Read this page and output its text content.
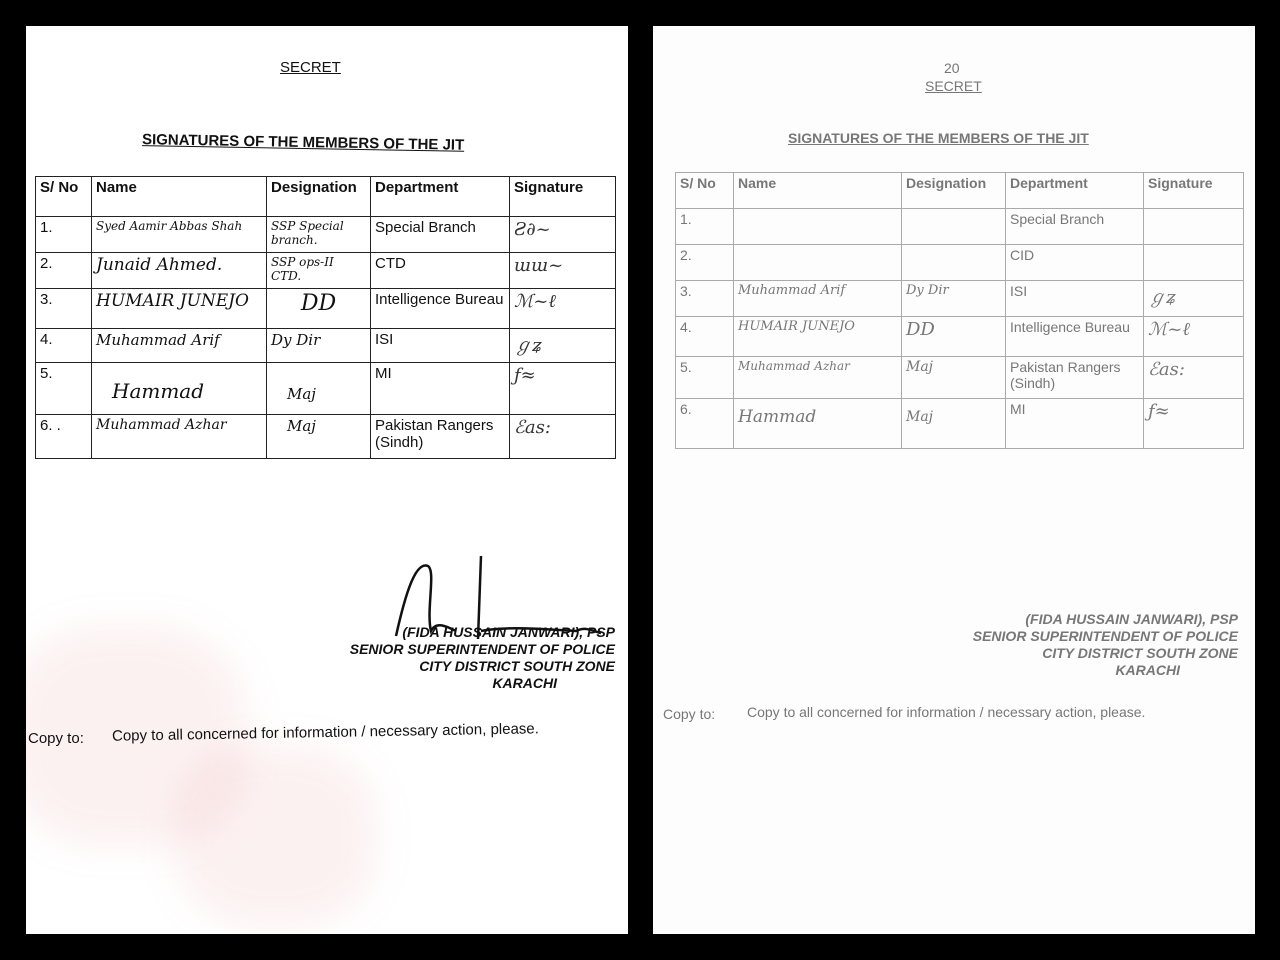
SECRET
SIGNATURES OF THE MEMBERS OF THE JIT
S/ No	Name	Designation	Department	Signature
1.	Syed Aamir Abbas Shah	SSP Special branch.	Special Branch	Ƨ∂~
2.	Junaid Ahmed.	SSP ops-II CTD.	CTD	ɯɯ~
3.	HUMAIR JUNEJO	DD	Intelligence Bureau	ℳ~ℓ
4.	Muhammad Arif	Dy Dir	ISI	ℊʑ
5.	Hammad	Maj	MI	ƒ≈
6. .	Muhammad Azhar	Maj	Pakistan Rangers (Sindh)	ℰas:
(FIDA HUSSAIN JANWARI), PSP
SENIOR SUPERINTENDENT OF POLICE
CITY DISTRICT SOUTH ZONE
KARACHI
Copy to: Copy to all concerned for information / necessary action, please.
20
SECRET
SIGNATURES OF THE MEMBERS OF THE JIT
S/ No	Name	Designation	Department	Signature
1.			Special Branch	
2.			CID	
3.	Muhammad Arif	Dy Dir	ISI	ℊʑ
4.	HUMAIR JUNEJO	DD	Intelligence Bureau	ℳ~ℓ
5.	Muhammad Azhar	Maj	Pakistan Rangers (Sindh)	ℰas:
6.	Hammad	Maj	MI	ƒ≈
(FIDA HUSSAIN JANWARI), PSP
SENIOR SUPERINTENDENT OF POLICE
CITY DISTRICT SOUTH ZONE
KARACHI
Copy to: Copy to all concerned for information / necessary action, please.
